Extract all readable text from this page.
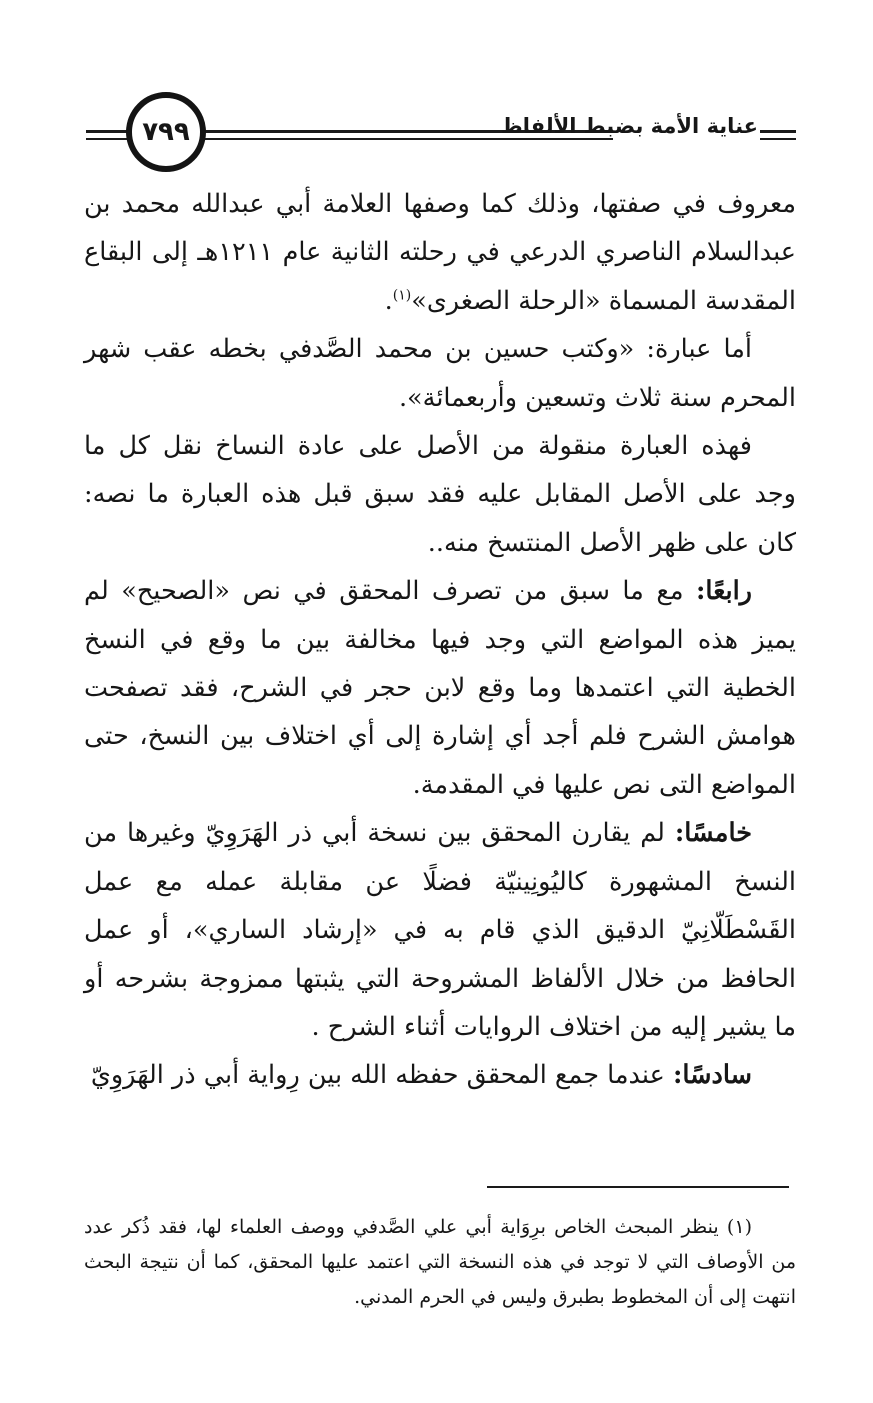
٧٩٩	عناية الأمة بضبط الألفاظ

معروف في صفتها، وذلك كما وصفها العلامة أبي عبدالله محمد بن عبدالسلام الناصري الدرعي في رحلته الثانية عام ١٢١١هـ إلى البقاع المقدسة المسماة «الرحلة الصغرى»$^{(١)}$.

أما عبارة: «وكتب حسين بن محمد الصَّدفي بخطه عقب شهر المحرم سنة ثلاث وتسعين وأربعمائة».

فهذه العبارة منقولة من الأصل على عادة النساخ نقل كل ما وجد على الأصل المقابل عليه فقد سبق قبل هذه العبارة ما نصه: كان على ظهر الأصل المنتسخ منه..

رابعًا: مع ما سبق من تصرف المحقق في نص «الصحيح» لم يميز هذه المواضع التي وجد فيها مخالفة بين ما وقع في النسخ الخطية التي اعتمدها وما وقع لابن حجر في الشرح، فقد تصفحت هوامش الشرح فلم أجد أي إشارة إلى أي اختلاف بين النسخ، حتى المواضع التى نص عليها في المقدمة.

خامسًا: لم يقارن المحقق بين نسخة أبي ذر الهَرَوِيّ وغيرها من النسخ المشهورة كاليُونِينيّة فضلًا عن مقابلة عمله مع عمل القَسْطَلّانِيّ الدقيق الذي قام به في «إرشاد الساري»، أو عمل الحافظ من خلال الألفاظ المشروحة التي يثبتها ممزوجة بشرحه أو ما يشير إليه من اختلاف الروايات أثناء الشرح .

سادسًا: عندما جمع المحقق حفظه الله بين رِواية أبي ذر الهَرَوِيّ

(١) ينظر المبحث الخاص برِوَاية أبي علي الصَّدفي ووصف العلماء لها، فقد ذُكر عدد من الأوصاف التي لا توجد في هذه النسخة التي اعتمد عليها المحقق، كما أن نتيجة البحث انتهت إلى أن المخطوط بطبرق وليس في الحرم المدني.
